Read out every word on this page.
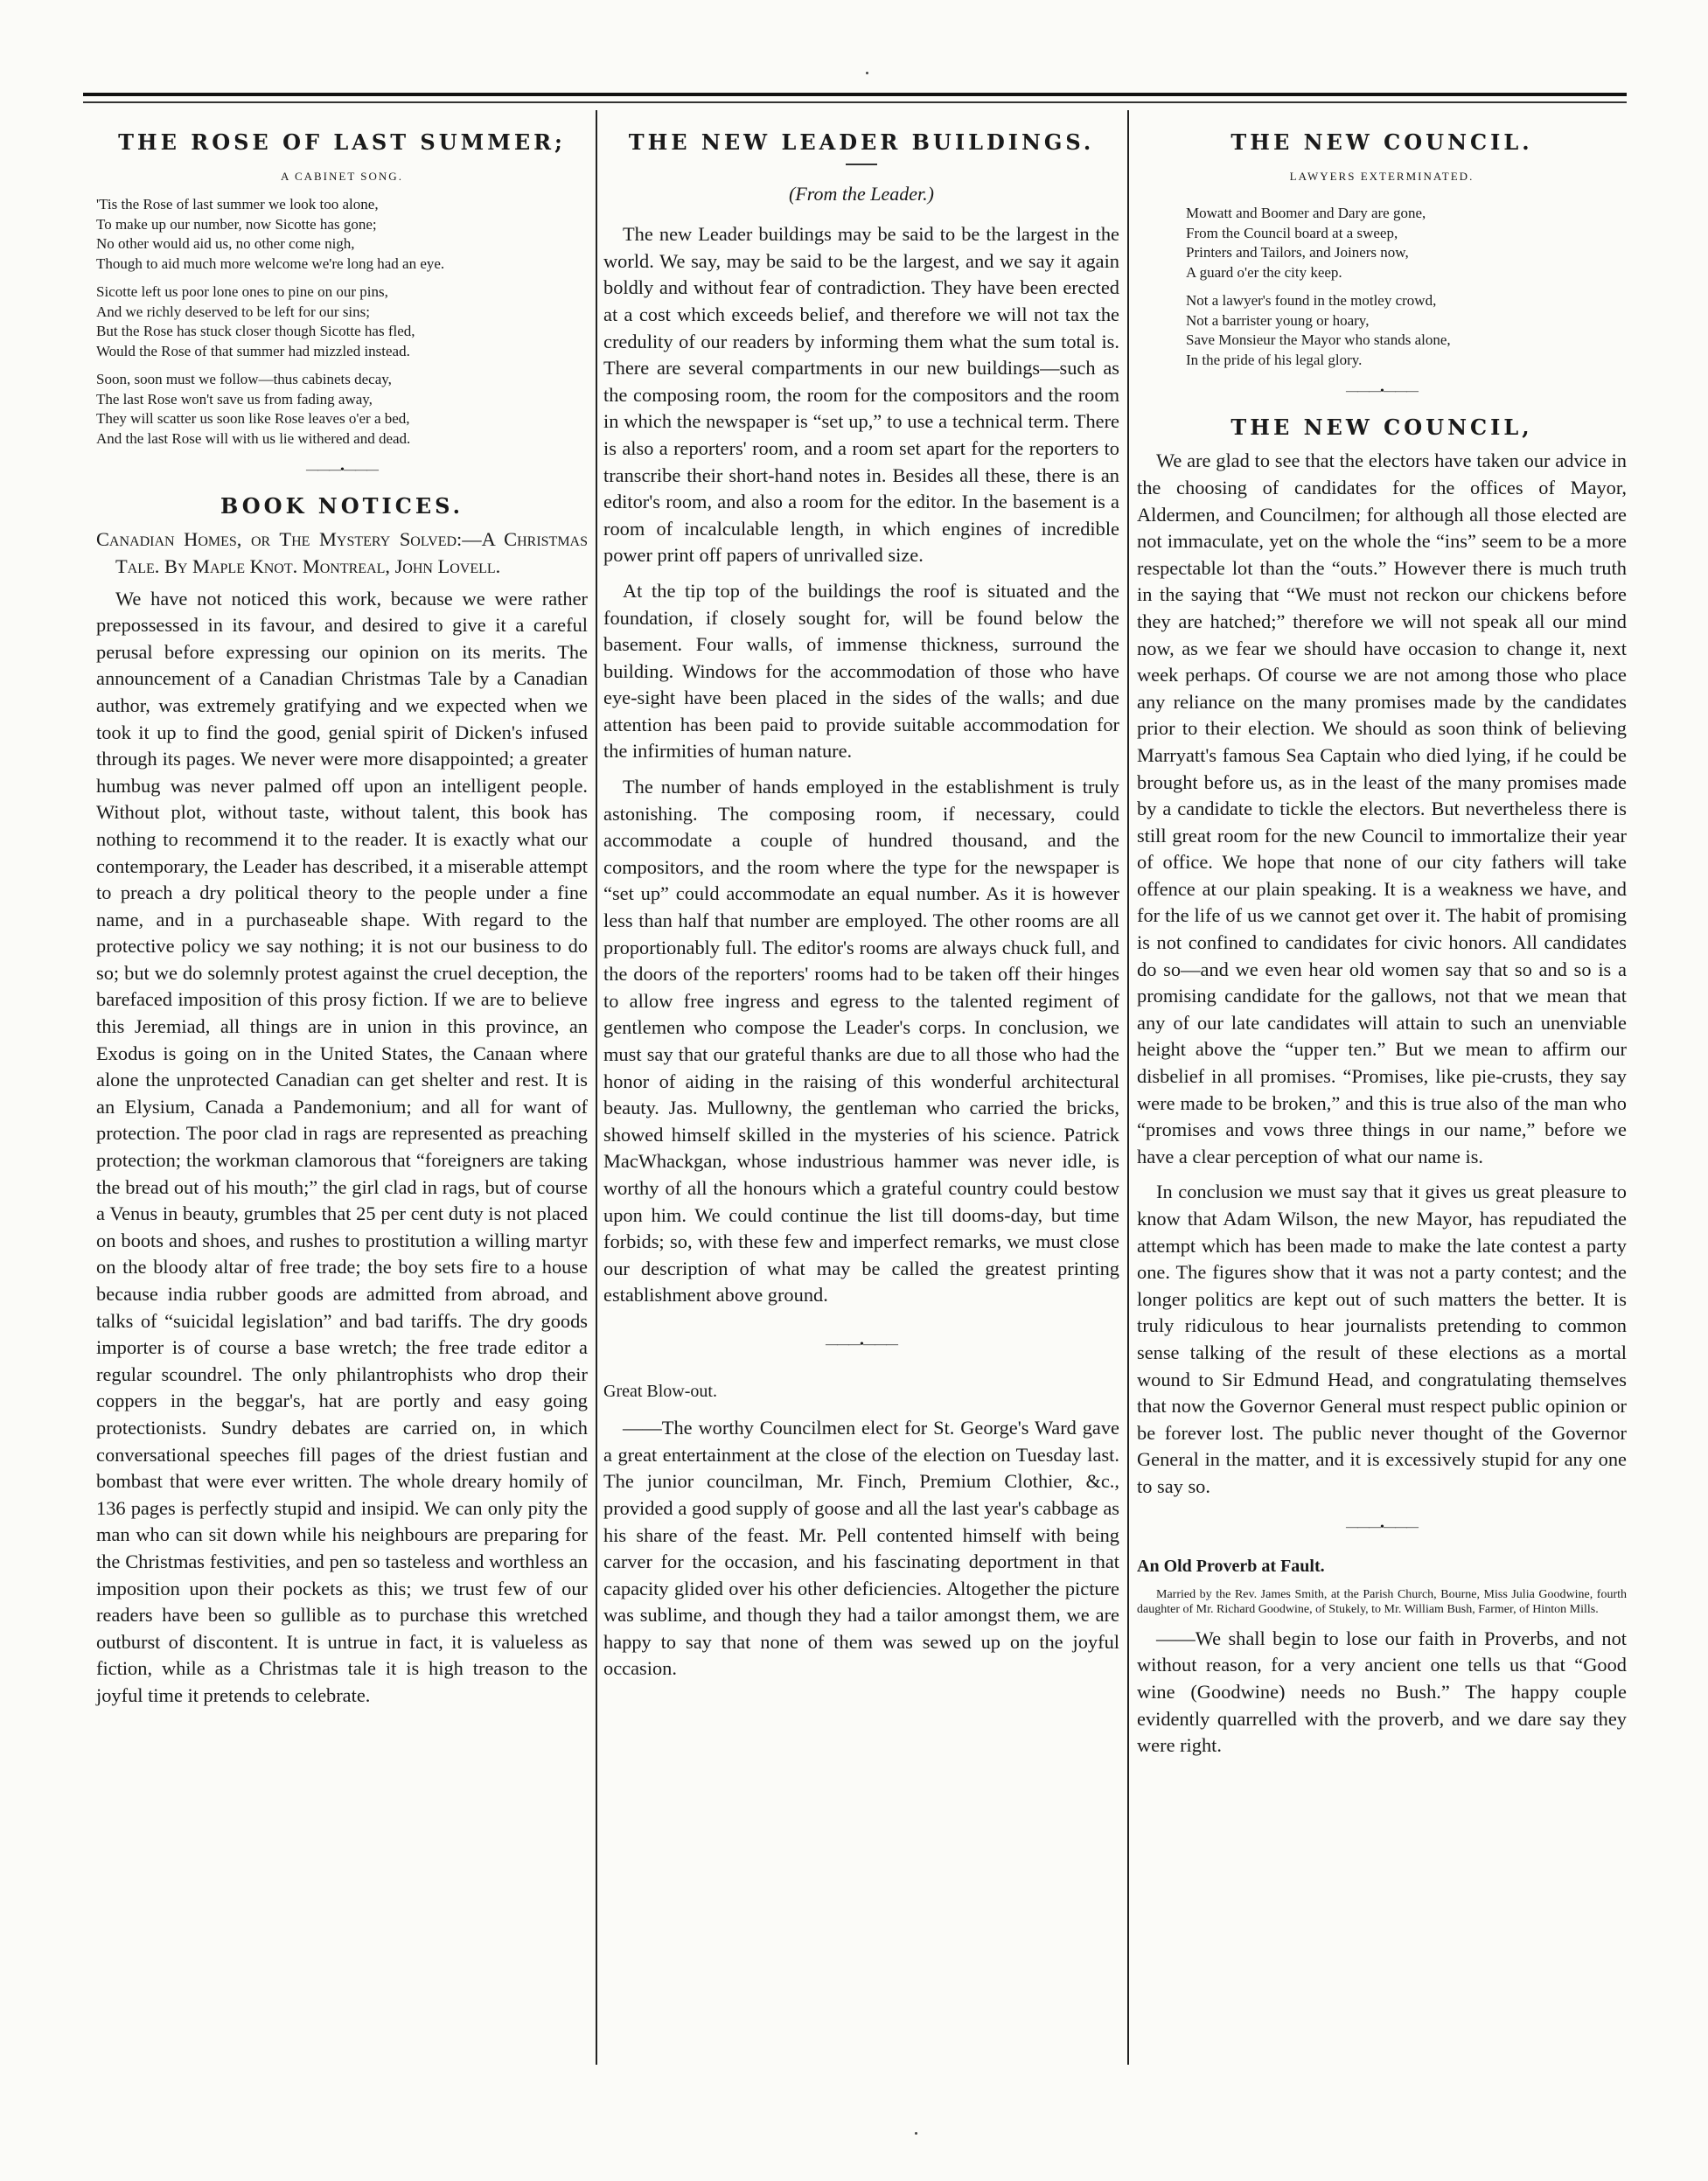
THE ROSE OF LAST SUMMER;
A CABINET SONG.
'Tis the Rose of last summer we look too alone,
To make up our number, now Sicotte has gone;
No other would aid us, no other come nigh,
Though to aid much more welcome we're long had an eye.
Sicotte left us poor lone ones to pine on our pins,
And we richly deserved to be left for our sins;
But the Rose has stuck closer though Sicotte has fled,
Would the Rose of that summer had mizzled instead.
Soon, soon must we follow—thus cabinets decay,
The last Rose won't save us from fading away,
They will scatter us soon like Rose leaves o'er a bed,
And the last Rose will with us lie withered and dead.
———•———
BOOK NOTICES.

Canadian Homes, or The Mystery Solved:—A Christmas Tale. By Maple Knot. Montreal, John Lovell.

We have not noticed this work, because we were rather prepossessed in its favour, and desired to give it a careful perusal before expressing our opinion on its merits. The announcement of a Canadian Christmas Tale by a Canadian author, was extremely gratifying and we expected when we took it up to find the good, genial spirit of Dicken's infused through its pages. We never were more disappointed; a greater humbug was never palmed off upon an intelligent people. Without plot, without taste, without talent, this book has nothing to recommend it to the reader. It is exactly what our contemporary, the Leader has described, it a miserable attempt to preach a dry political theory to the people under a fine name, and in a purchaseable shape. With regard to the protective policy we say nothing; it is not our business to do so; but we do solemnly protest against the cruel deception, the barefaced imposition of this prosy fiction. If we are to believe this Jeremiad, all things are in union in this province, an Exodus is going on in the United States, the Canaan where alone the unprotected Canadian can get shelter and rest. It is an Elysium, Canada a Pandemonium; and all for want of protection. The poor clad in rags are represented as preaching protection; the workman clamorous that “foreigners are taking the bread out of his mouth;” the girl clad in rags, but of course a Venus in beauty, grumbles that 25 per cent duty is not placed on boots and shoes, and rushes to prostitution a willing martyr on the bloody altar of free trade; the boy sets fire to a house because india rubber goods are admitted from abroad, and talks of “suicidal legislation” and bad tariffs. The dry goods importer is of course a base wretch; the free trade editor a regular scoundrel. The only philantrophists who drop their coppers in the beggar's, hat are portly and easy going protectionists. Sundry debates are carried on, in which conversational speeches fill pages of the driest fustian and bombast that were ever written. The whole dreary homily of 136 pages is perfectly stupid and insipid. We can only pity the man who can sit down while his neighbours are preparing for the Christmas festivities, and pen so tasteless and worthless an imposition upon their pockets as this; we trust few of our readers have been so gullible as to purchase this wretched outburst of discontent. It is untrue in fact, it is valueless as fiction, while as a Christmas tale it is high treason to the joyful time it pretends to celebrate.

THE NEW LEADER BUILDINGS.
(From the Leader.)

The new Leader buildings may be said to be the largest in the world. We say, may be said to be the largest, and we say it again boldly and without fear of contradiction. They have been erected at a cost which exceeds belief, and therefore we will not tax the credulity of our readers by informing them what the sum total is. There are several compartments in our new buildings—such as the composing room, the room for the compositors and the room in which the newspaper is “set up,” to use a technical term. There is also a reporters' room, and a room set apart for the reporters to transcribe their short-hand notes in. Besides all these, there is an editor's room, and also a room for the editor. In the basement is a room of incalculable length, in which engines of incredible power print off papers of unrivalled size.

At the tip top of the buildings the roof is situated and the foundation, if closely sought for, will be found below the basement. Four walls, of immense thickness, surround the building. Windows for the accommodation of those who have eye-sight have been placed in the sides of the walls; and due attention has been paid to provide suitable accommodation for the infirmities of human nature.

The number of hands employed in the establishment is truly astonishing. The composing room, if necessary, could accommodate a couple of hundred thousand, and the compositors, and the room where the type for the newspaper is “set up” could accommodate an equal number. As it is however less than half that number are employed. The other rooms are all proportionably full. The editor's rooms are always chuck full, and the doors of the reporters' rooms had to be taken off their hinges to allow free ingress and egress to the talented regiment of gentlemen who compose the Leader's corps. In conclusion, we must say that our grateful thanks are due to all those who had the honor of aiding in the raising of this wonderful architectural beauty. Jas. Mullowny, the gentleman who carried the bricks, showed himself skilled in the mysteries of his science. Patrick MacWhackgan, whose industrious hammer was never idle, is worthy of all the honours which a grateful country could bestow upon him. We could continue the list till dooms-day, but time forbids; so, with these few and imperfect remarks, we must close our description of what may be called the greatest printing establishment above ground.

———•———

Great Blow-out.

——The worthy Councilmen elect for St. George's Ward gave a great entertainment at the close of the election on Tuesday last. The junior councilman, Mr. Finch, Premium Clothier, &c., provided a good supply of goose and all the last year's cabbage as his share of the feast. Mr. Pell contented himself with being carver for the occasion, and his fascinating deportment in that capacity glided over his other deficiencies. Altogether the picture was sublime, and though they had a tailor amongst them, we are happy to say that none of them was sewed up on the joyful occasion.

THE NEW COUNCIL.
LAWYERS EXTERMINATED.
Mowatt and Boomer and Dary are gone,
From the Council board at a sweep,
Printers and Tailors, and Joiners now,
A guard o'er the city keep.
Not a lawyer's found in the motley crowd,
Not a barrister young or hoary,
Save Monsieur the Mayor who stands alone,
In the pride of his legal glory.
———•———
THE NEW COUNCIL,

We are glad to see that the electors have taken our advice in the choosing of candidates for the offices of Mayor, Aldermen, and Councilmen; for although all those elected are not immaculate, yet on the whole the “ins” seem to be a more respectable lot than the “outs.” However there is much truth in the saying that “We must not reckon our chickens before they are hatched;” therefore we will not speak all our mind now, as we fear we should have occasion to change it, next week perhaps. Of course we are not among those who place any reliance on the many promises made by the candidates prior to their election. We should as soon think of believing Marryatt's famous Sea Captain who died lying, if he could be brought before us, as in the least of the many promises made by a candidate to tickle the electors. But nevertheless there is still great room for the new Council to immortalize their year of office. We hope that none of our city fathers will take offence at our plain speaking. It is a weakness we have, and for the life of us we cannot get over it. The habit of promising is not confined to candidates for civic honors. All candidates do so—and we even hear old women say that so and so is a promising candidate for the gallows, not that we mean that any of our late candidates will attain to such an unenviable height above the “upper ten.” But we mean to affirm our disbelief in all promises. “Promises, like pie-crusts, they say were made to be broken,” and this is true also of the man who “promises and vows three things in our name,” before we have a clear perception of what our name is.

In conclusion we must say that it gives us great pleasure to know that Adam Wilson, the new Mayor, has repudiated the attempt which has been made to make the late contest a party one. The figures show that it was not a party contest; and the longer politics are kept out of such matters the better. It is truly ridiculous to hear journalists pretending to common sense talking of the result of these elections as a mortal wound to Sir Edmund Head, and congratulating themselves that now the Governor General must respect public opinion or be forever lost. The public never thought of the Governor General in the matter, and it is excessively stupid for any one to say so.

———•———

An Old Proverb at Fault.

Married by the Rev. James Smith, at the Parish Church, Bourne, Miss Julia Goodwine, fourth daughter of Mr. Richard Goodwine, of Stukely, to Mr. William Bush, Farmer, of Hinton Mills.

——We shall begin to lose our faith in Proverbs, and not without reason, for a very ancient one tells us that “Good wine (Goodwine) needs no Bush.” The happy couple evidently quarrelled with the proverb, and we dare say they were right.
